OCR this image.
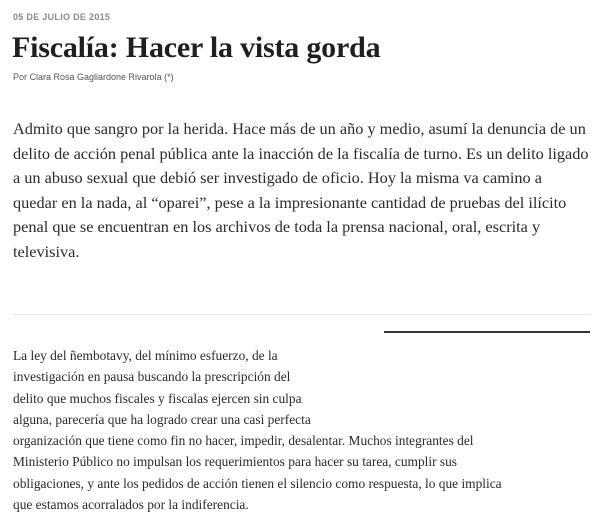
05 DE JULIO DE 2015
Fiscalía: Hacer la vista gorda
Por Clara Rosa Gagliardone Rivarola (*)

Admito que sangro por la herida. Hace más de un año y medio, asumí la denuncia de un delito de acción penal pública ante la inacción de la fiscalía de turno. Es un delito ligado a un abuso sexual que debió ser investigado de oficio. Hoy la misma va camino a quedar en la nada, al “oparei”, pese a la impresionante cantidad de pruebas del ilícito penal que se encuentran en los archivos de toda la prensa nacional, oral, escrita y televisiva.

La ley del ñembotavy, del mínimo esfuerzo, de la
investigación en pausa buscando la prescripción del
delito que muchos fiscales y fiscalas ejercen sin culpa
alguna, parecería que ha logrado crear una casi perfecta
organización que tiene como fin no hacer, impedir, desalentar. Muchos integrantes del
Ministerio Público no impulsan los requerimientos para hacer su tarea, cumplir sus
obligaciones, y ante los pedidos de acción tienen el silencio como respuesta, lo que implica
que estamos acorralados por la indiferencia.
